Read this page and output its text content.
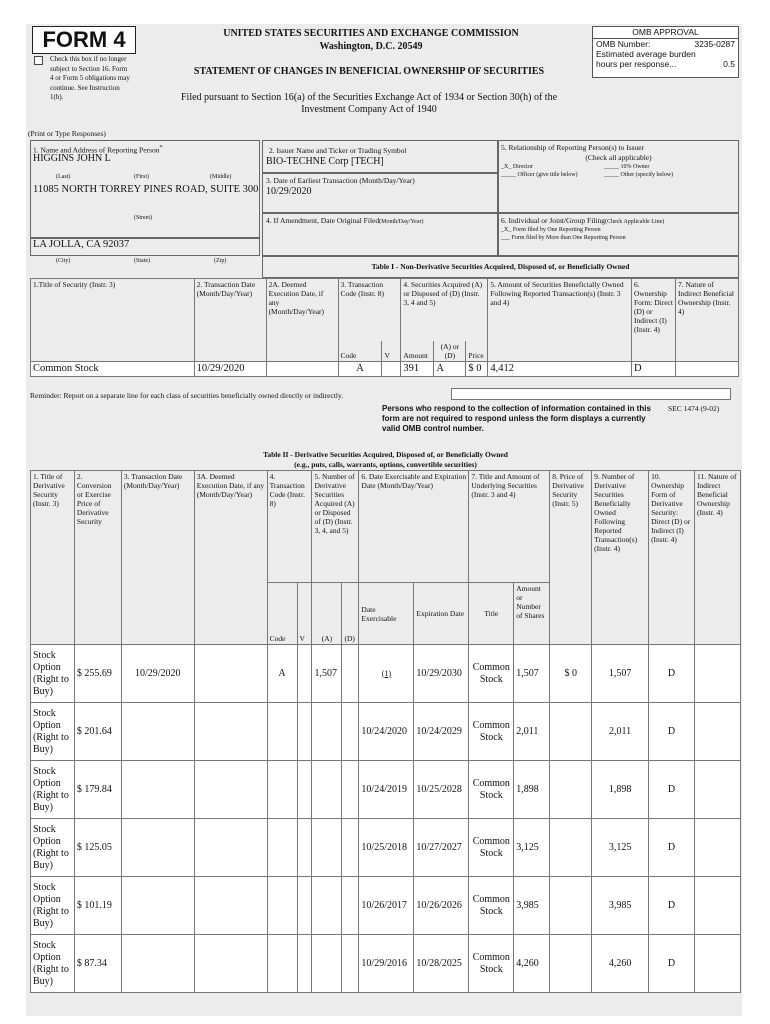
FORM 4
Check this box if no longer subject to Section 16. Form 4 or Form 5 obligations may continue. See Instruction 1(b).
UNITED STATES SECURITIES AND EXCHANGE COMMISSION
Washington, D.C. 20549
STATEMENT OF CHANGES IN BENEFICIAL OWNERSHIP OF SECURITIES
Filed pursuant to Section 16(a) of the Securities Exchange Act of 1934 or Section 30(h) of the
Investment Company Act of 1940
OMB APPROVAL
OMB Number:	3235-0287
Estimated average burden
hours per response...	0.5
(Print or Type Responses)
1. Name and Address of Reporting Person*
HIGGINS JOHN L
(Last)	(First)	(Middle)
11085 NORTH TORREY PINES ROAD, SUITE 300
(Street)
LA JOLLA, CA 92037
(City)	(State)	(Zip)
2. Issuer Name and Ticker or Trading Symbol
BIO-TECHNE Corp [TECH]
3. Date of Earliest Transaction (Month/Day/Year)
10/29/2020
4. If Amendment, Date Original Filed(Month/Day/Year)
5. Relationship of Reporting Person(s) to Issuer
(Check all applicable)
_X_ Director	_____ 10% Owner
_____ Officer (give title below)	_____ Other (specify below)
6. Individual or Joint/Group Filing(Check Applicable Line)
_X_ Form filed by One Reporting Person
___ Form filed by More than One Reporting Person
Table I - Non-Derivative Securities Acquired, Disposed of, or Beneficially Owned
1.Title of Security (Instr. 3)	2. Transaction Date (Month/Day/Year)	2A. Deemed Execution Date, if any (Month/Day/Year)	3. Transaction Code (Instr. 8)		4. Securities Acquired (A) or Disposed of (D) (Instr. 3, 4 and 5)			5. Amount of Securities Beneficially Owned Following Reported Transaction(s) (Instr. 3 and 4)	6. Ownership Form: Direct (D) or Indirect (I) (Instr. 4)	7. Nature of Indirect Beneficial Ownership (Instr. 4)
			Code	V	Amount	(A) or (D)	Price			
Common Stock	10/29/2020		A		391	A	$ 0	4,412	D	
Reminder: Report on a separate line for each class of securities beneficially owned directly or indirectly.
Persons who respond to the collection of information contained in this form are not required to respond unless the form displays a currently valid OMB control number.
SEC 1474 (9-02)
Table II - Derivative Securities Acquired, Disposed of, or Beneficially Owned
(e.g., puts, calls, warrants, options, convertible securities)
1. Title of Derivative Security (Instr. 3)	2. Conversion or Exercise Price of Derivative Security	3. Transaction Date (Month/Day/Year)	3A. Deemed Execution Date, if any (Month/Day/Year)	4. Transaction Code (Instr. 8)		5. Number of Derivative Securities Acquired (A) or Disposed of (D) (Instr. 3, 4, and 5)		6. Date Exercisable and Expiration Date (Month/Day/Year)		7. Title and Amount of Underlying Securities (Instr. 3 and 4)		8. Price of Derivative Security (Instr. 5)	9. Number of Derivative Securities Beneficially Owned Following Reported Transaction(s) (Instr. 4)	10. Ownership Form of Derivative Security: Direct (D) or Indirect (I) (Instr. 4)	11. Nature of Indirect Beneficial Ownership (Instr. 4)
				Code	V	(A)	(D)	Date Exercisable	Expiration Date	Title	Amount or Number of Shares				
Stock Option (Right to Buy)	$ 255.69	10/29/2020		A		1,507		(1)	10/29/2030	Common Stock	1,507	$ 0	1,507	D	
Stock Option (Right to Buy)	$ 201.64							10/24/2020	10/24/2029	Common Stock	2,011		2,011	D	
Stock Option (Right to Buy)	$ 179.84							10/24/2019	10/25/2028	Common Stock	1,898		1,898	D	
Stock Option (Right to Buy)	$ 125.05							10/25/2018	10/27/2027	Common Stock	3,125		3,125	D	
Stock Option (Right to Buy)	$ 101.19							10/26/2017	10/26/2026	Common Stock	3,985		3,985	D	
Stock Option (Right to Buy)	$ 87.34							10/29/2016	10/28/2025	Common Stock	4,260		4,260	D	
